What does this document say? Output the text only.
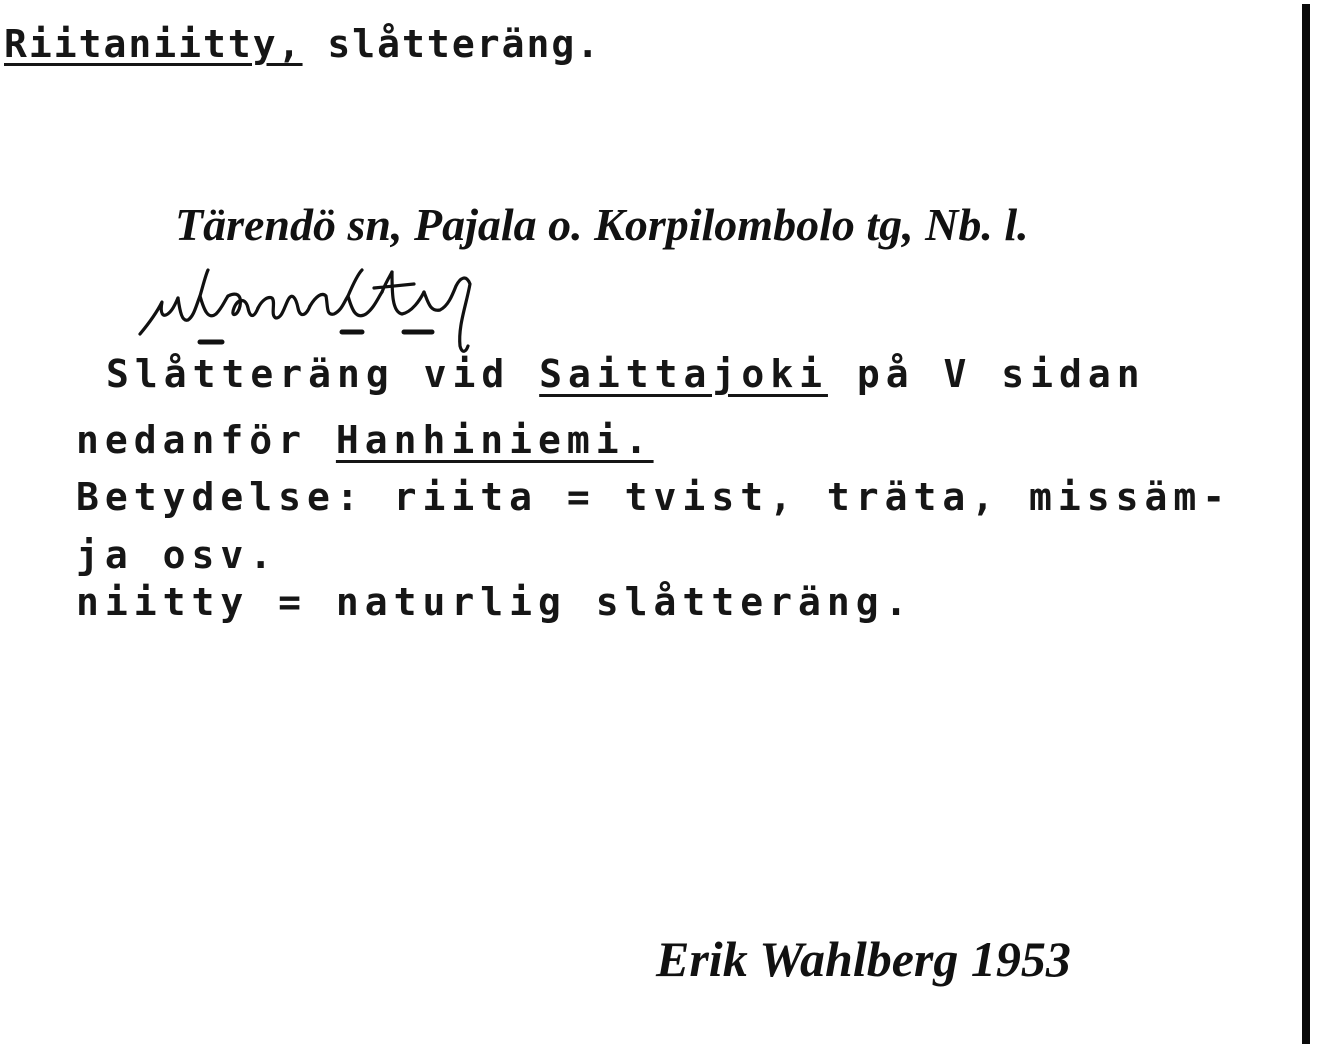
Riitaniitty, slåtteräng.
Tärendö sn, Pajala o. Korpilombolo tg, Nb. l.
Slåtteräng vid Saittajoki på V sidan
nedanför Hanhiniemi.
Betydelse: riita = tvist, träta, missäm-
ja osv.
niitty = naturlig slåtteräng.
Erik Wahlberg 1953
